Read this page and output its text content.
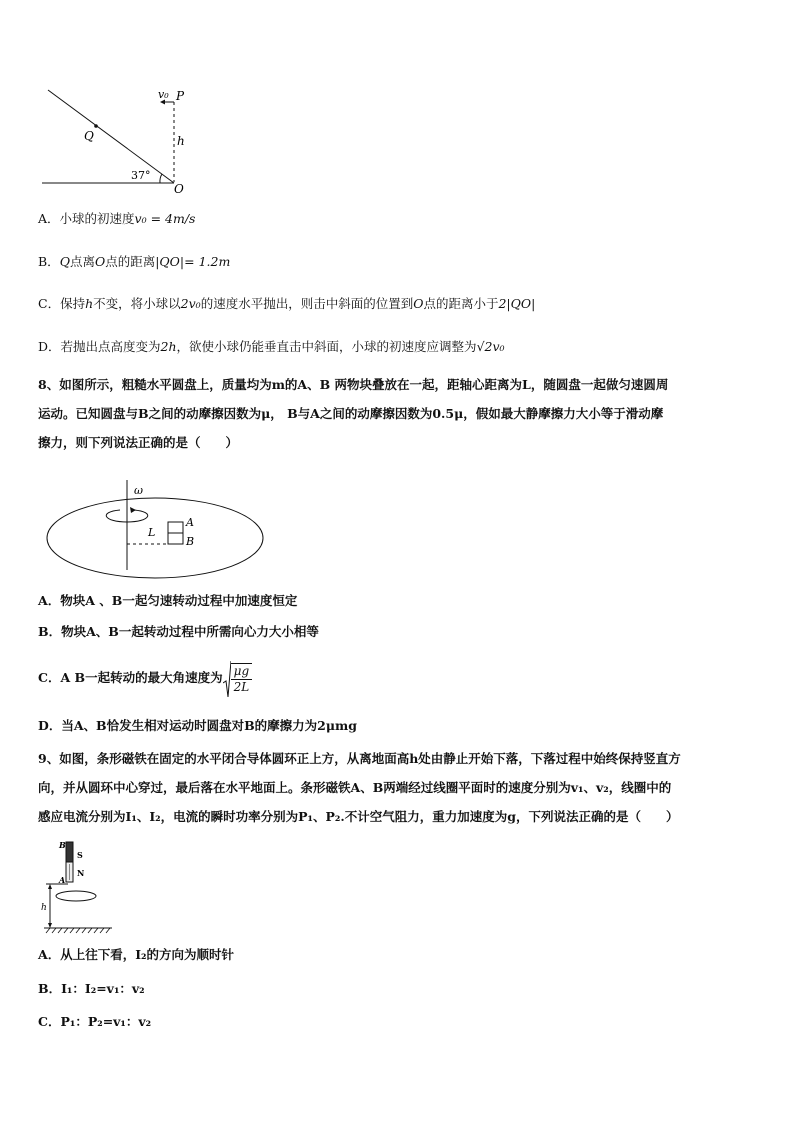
v₀ P
Q	h
37°
O
A．小球的初速度v₀ = 4m/s
B．Q点离O点的距离|QO|= 1.2m
C．保持h不变，将小球以2v₀的速度水平抛出，则击中斜面的位置到O点的距离小于2|QO|
D．若抛出点高度变为2h，欲使小球仍能垂直击中斜面，小球的初速度应调整为√2v₀
8、如图所示，粗糙水平圆盘上，质量均为m的A、B 两物块叠放在一起，距轴心距离为L，随圆盘一起做匀速圆周
运动。已知圆盘与B之间的动摩擦因数为μ， B与A之间的动摩擦因数为0.5μ，假如最大静摩擦力大小等于滑动摩
擦力，则下列说法正确的是（　　）
ω
A
B
L
A．物块A 、B一起匀速转动过程中加速度恒定
B．物块A、B一起转动过程中所需向心力大小相等
C．A B一起转动的最大角速度为 $\frac{\mu g}{2L}$
D．当A、B恰发生相对运动时圆盘对B的摩擦力为2μmg
9、如图，条形磁铁在固定的水平闭合导体圆环正上方，从离地面高h处由静止开始下落，下落过程中始终保持竖直方
向，并从圆环中心穿过，最后落在水平地面上。条形磁铁A、B两端经过线圈平面时的速度分别为v₁、v₂，线圈中的
感应电流分别为I₁、I₂，电流的瞬时功率分别为P₁、P₂.不计空气阻力，重力加速度为g，下列说法正确的是（　　）
B
S
N
A
h
A．从上往下看，I₂的方向为顺时针
B．I₁：I₂=v₁：v₂
C．P₁：P₂=v₁：v₂
